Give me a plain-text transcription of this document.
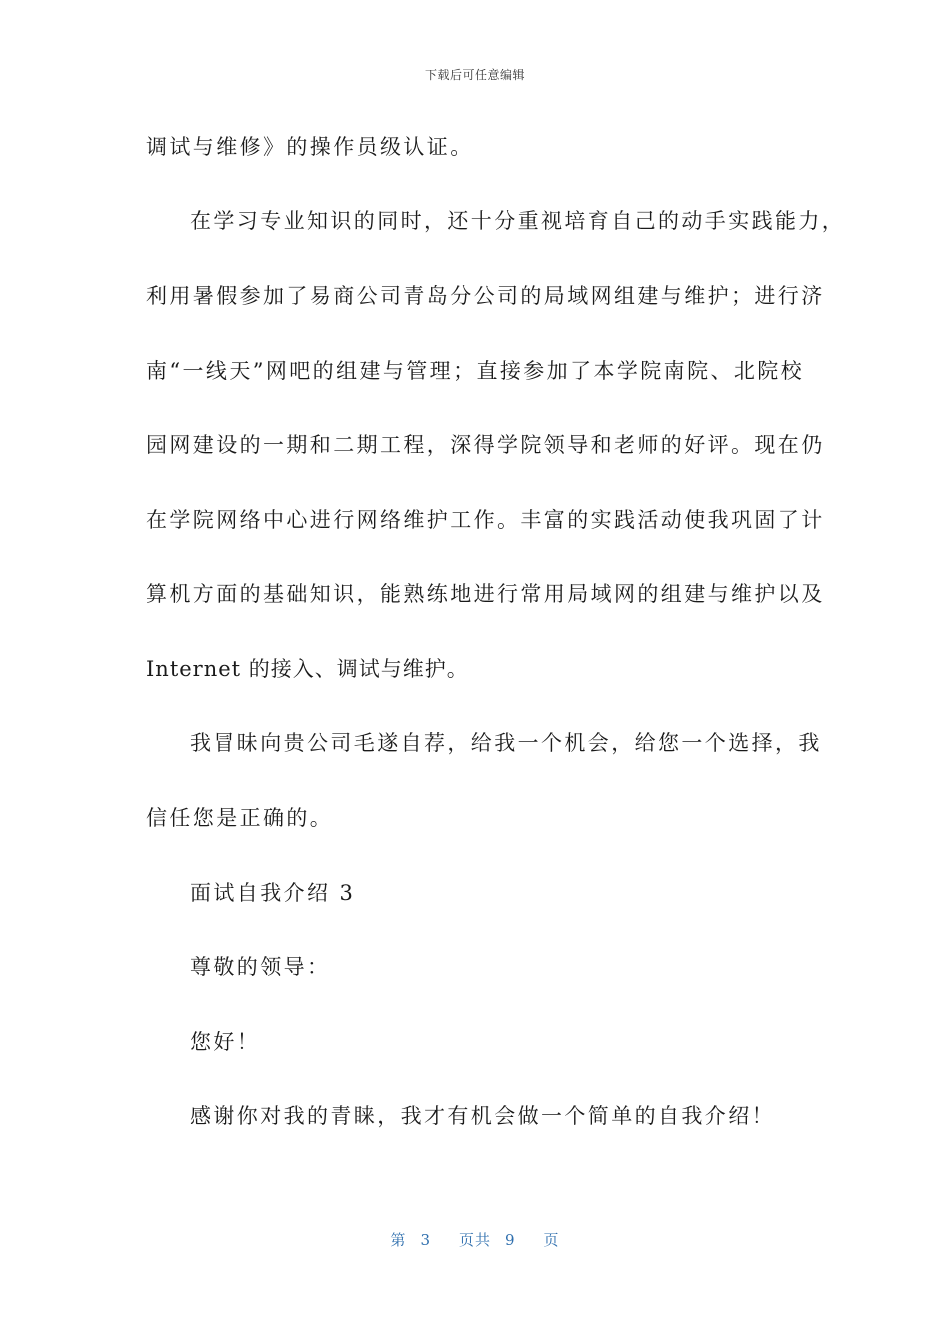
下载后可任意编辑
调试与维修》的操作员级认证。
在学习专业知识的同时，还十分重视培育自己的动手实践能力，
利用暑假参加了易商公司青岛分公司的局域网组建与维护；进行济
南“一线天”网吧的组建与管理；直接参加了本学院南院、北院校
园网建设的一期和二期工程，深得学院领导和老师的好评。现在仍
在学院网络中心进行网络维护工作。丰富的实践活动使我巩固了计
算机方面的基础知识，能熟练地进行常用局域网的组建与维护以及
Internet 的接入、调试与维护。
我冒昧向贵公司毛遂自荐，给我一个机会，给您一个选择，我
信任您是正确的。
面试自我介绍 3
尊敬的领导：
您好！
感谢你对我的青睐，我才有机会做一个简单的自我介绍！
第 3 页共 9 页
